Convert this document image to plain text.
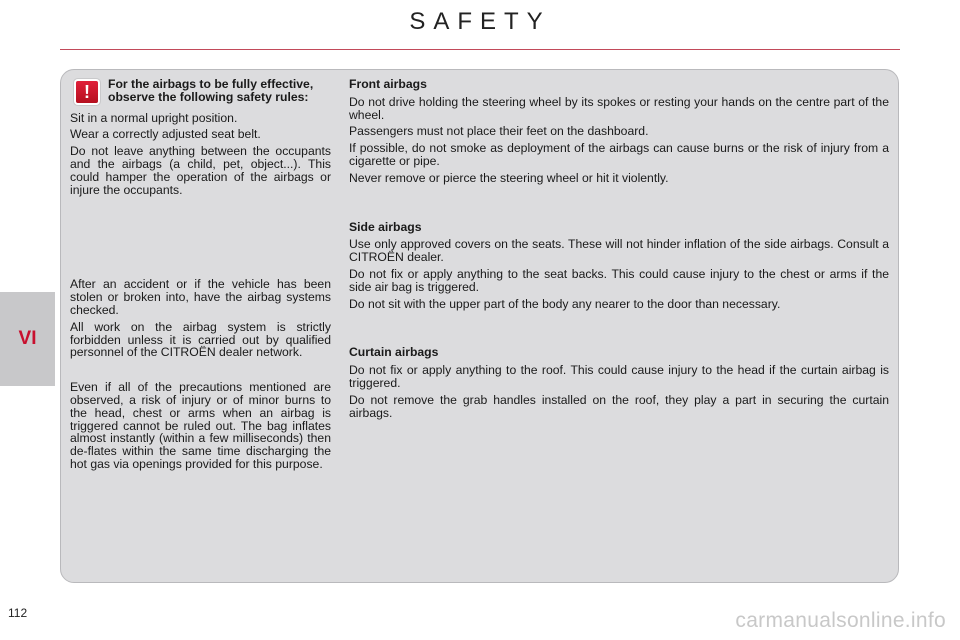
SAFETY
VI
!	For the airbags to be fully effective, observe the following safety rules:

Sit in a normal upright position.

Wear a correctly adjusted seat belt.

Do not leave anything between the occupants and the airbags (a child, pet, object...). This could hamper the operation of the airbags or injure the occupants.

After an accident or if the vehicle has been stolen or broken into, have the airbag systems checked.

All work on the airbag system is strictly forbidden unless it is carried out by qualified personnel of the CITROËN dealer network.

Even if all of the precautions mentioned are observed, a risk of injury or of minor burns to the head, chest or arms when an airbag is triggered cannot be ruled out. The bag inflates almost instantly (within a few milliseconds) then de-flates within the same time discharging the hot gas via openings provided for this purpose.

Front airbags

Do not drive holding the steering wheel by its spokes or resting your hands on the centre part of the wheel.

Passengers must not place their feet on the dashboard.

If possible, do not smoke as deployment of the airbags can cause burns or the risk of injury from a cigarette or pipe.

Never remove or pierce the steering wheel or hit it violently.

Side airbags

Use only approved covers on the seats. These will not hinder inflation of the side airbags. Consult a CITROËN dealer.

Do not fix or apply anything to the seat backs. This could cause injury to the chest or arms if the side air bag is triggered.

Do not sit with the upper part of the body any nearer to the door than necessary.

Curtain airbags

Do not fix or apply anything to the roof. This could cause injury to the head if the curtain airbag is triggered.

Do not remove the grab handles installed on the roof, they play a part in securing the curtain airbags.

112	carmanualsonline.info
